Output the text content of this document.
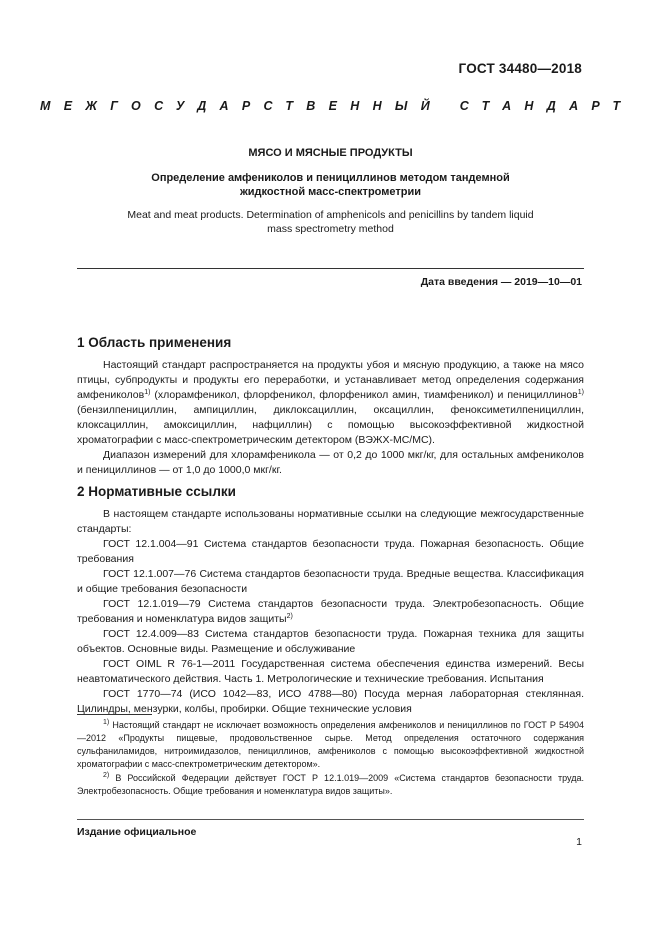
ГОСТ 34480—2018
МЕЖГОСУДАРСТВЕННЫЙ СТАНДАРТ
МЯСО И МЯСНЫЕ ПРОДУКТЫ
Определение амфениколов и пенициллинов методом тандемной жидкостной масс-спектрометрии
Meat and meat products. Determination of amphenicols and penicillins by tandem liquid mass spectrometry method
Дата введения — 2019—10—01
1 Область применения

Настоящий стандарт распространяется на продукты убоя и мясную продукцию, а также на мясо птицы, субпродукты и продукты его переработки, и устанавливает метод определения содержания амфениколов$^{1)}$ (хлорамфеникол, флорфеникол, флорфеникол амин, тиамфеникол) и пенициллинов$^{1)}$ (бензилпенициллин, ампициллин, диклоксациллин, оксациллин, феноксиметилпенициллин, клоксациллин, амоксициллин, нафциллин) с помощью высокоэффективной жидкостной хроматографии с масс-спектрометрическим детектором (ВЭЖХ-МС/МС).

Диапазон измерений для хлорамфеникола — от 0,2 до 1000 мкг/кг, для остальных амфениколов и пенициллинов — от 1,0 до 1000,0 мкг/кг.

2 Нормативные ссылки

В настоящем стандарте использованы нормативные ссылки на следующие межгосударственные стандарты:

ГОСТ 12.1.004—91 Система стандартов безопасности труда. Пожарная безопасность. Общие требования

ГОСТ 12.1.007—76 Система стандартов безопасности труда. Вредные вещества. Классификация и общие требования безопасности

ГОСТ 12.1.019—79 Система стандартов безопасности труда. Электробезопасность. Общие требования и номенклатура видов защиты$^{2)}$

ГОСТ 12.4.009—83 Система стандартов безопасности труда. Пожарная техника для защиты объектов. Основные виды. Размещение и обслуживание

ГОСТ OIML R 76-1—2011 Государственная система обеспечения единства измерений. Весы неавтоматического действия. Часть 1. Метрологические и технические требования. Испытания

ГОСТ 1770—74 (ИСО 1042—83, ИСО 4788—80) Посуда мерная лабораторная стеклянная. Цилиндры, мензурки, колбы, пробирки. Общие технические условия

$^{1)}$ Настоящий стандарт не исключает возможность определения амфениколов и пенициллинов по ГОСТ Р 54904—2012 «Продукты пищевые, продовольственное сырье. Метод определения остаточного содержания сульфаниламидов, нитроимидазолов, пенициллинов, амфениколов с помощью высокоэффективной жидкостной хроматографии с масс-спектрометрическим детектором».

$^{2)}$ В Российской Федерации действует ГОСТ Р 12.1.019—2009 «Система стандартов безопасности труда. Электробезопасность. Общие требования и номенклатура видов защиты».

Издание официальное
1
